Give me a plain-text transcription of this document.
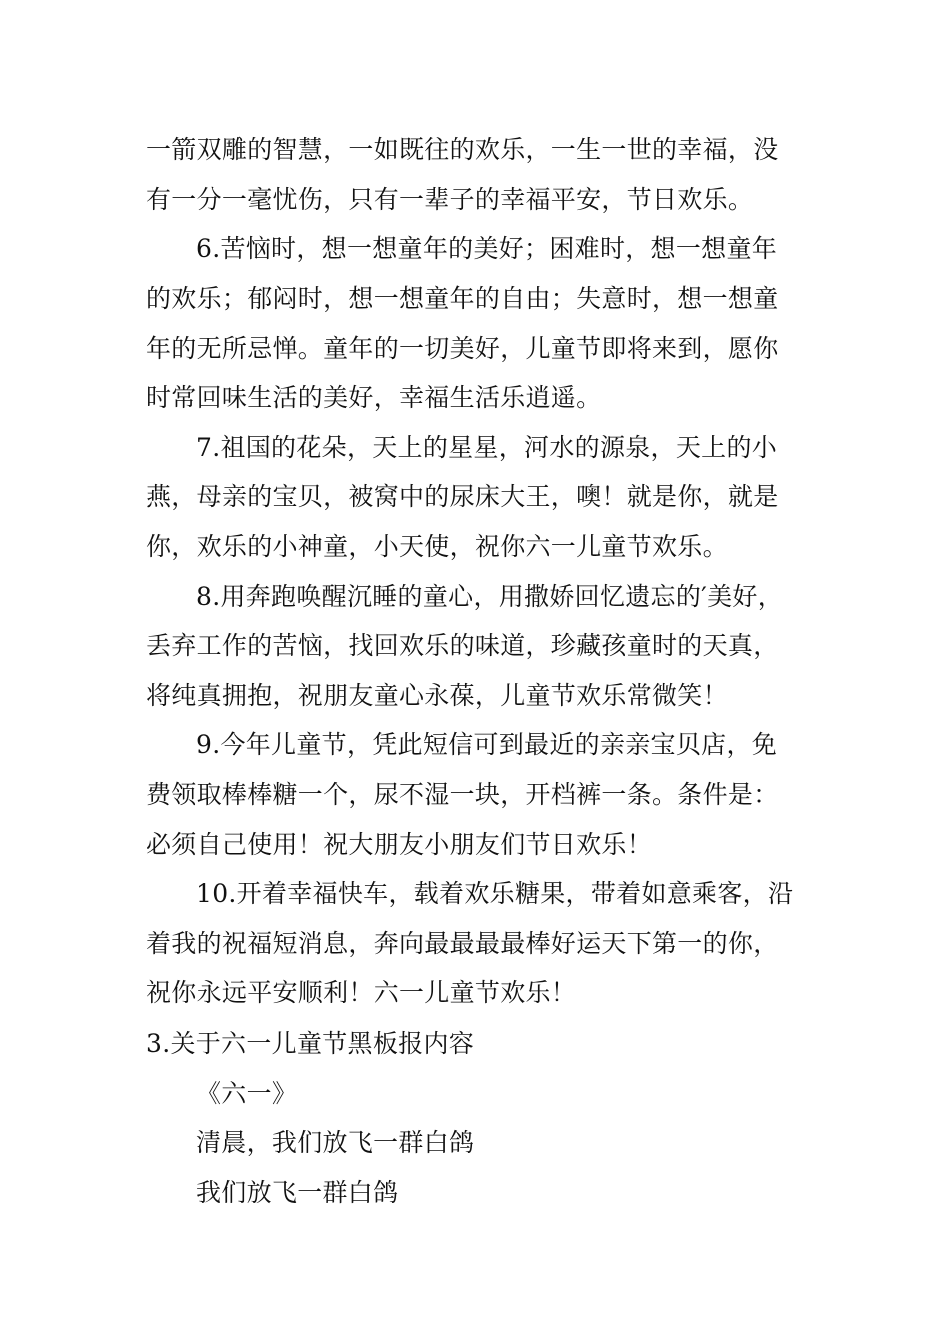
一箭双雕的智慧，一如既往的欢乐，一生一世的幸福，没
有一分一毫忧伤，只有一辈子的幸福平安，节日欢乐。
6.苦恼时，想一想童年的美好；困难时，想一想童年
的欢乐；郁闷时，想一想童年的自由；失意时，想一想童
年的无所忌惮。童年的一切美好，儿童节即将来到，愿你
时常回味生活的美好，幸福生活乐逍遥。
7.祖国的花朵，天上的星星，河水的源泉，天上的小
燕，母亲的宝贝，被窝中的尿床大王，噢！就是你，就是
你，欢乐的小神童，小天使，祝你六一儿童节欢乐。
8.用奔跑唤醒沉睡的童心，用撒娇回忆遗忘的′美好，
丢弃工作的苦恼，找回欢乐的味道，珍藏孩童时的天真，
将纯真拥抱，祝朋友童心永葆，儿童节欢乐常微笑！
9.今年儿童节，凭此短信可到最近的亲亲宝贝店，免
费领取棒棒糖一个，尿不湿一块，开档裤一条。条件是：
必须自己使用！祝大朋友小朋友们节日欢乐！
10.开着幸福快车，载着欢乐糖果，带着如意乘客，沿
着我的祝福短消息，奔向最最最最棒好运天下第一的你，
祝你永远平安顺利！六一儿童节欢乐！
3.关于六一儿童节黑板报内容
《六一》
清晨，我们放飞一群白鸽
我们放飞一群白鸽
